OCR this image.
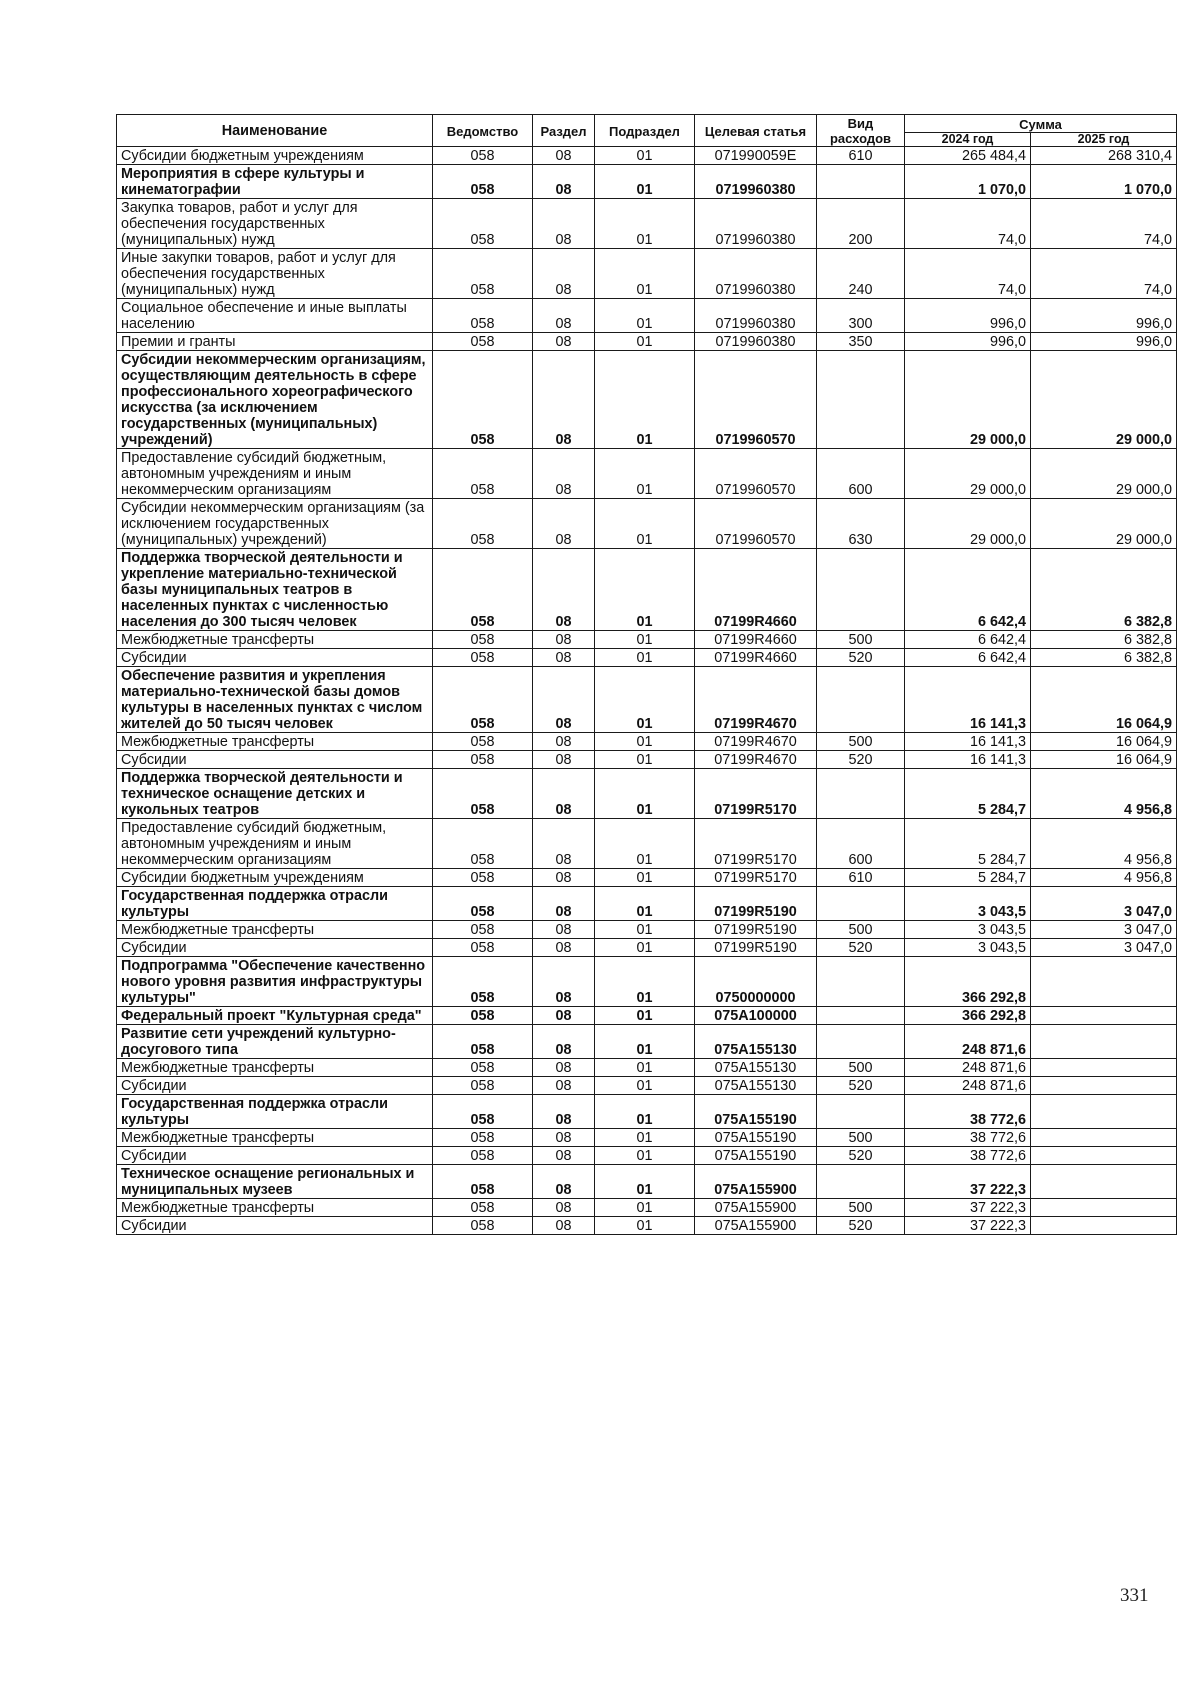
Наименование	Ведомство	Раздел	Подраздел	Целевая статья	Вид расходов	Сумма	
						2024 год	2025 год
Субсидии бюджетным учреждениям	058	08	01	071990059E	610	265 484,4	268 310,4
Мероприятия в сфере культуры и кинематографии	058	08	01	0719960380		1 070,0	1 070,0
Закупка товаров, работ и услуг для обеспечения государственных (муниципальных) нужд	058	08	01	0719960380	200	74,0	74,0
Иные закупки товаров, работ и услуг для обеспечения государственных (муниципальных) нужд	058	08	01	0719960380	240	74,0	74,0
Социальное обеспечение и иные выплаты населению	058	08	01	0719960380	300	996,0	996,0
Премии и гранты	058	08	01	0719960380	350	996,0	996,0
Субсидии некоммерческим организациям, осуществляющим деятельность в сфере профессионального хореографического искусства (за исключением государственных (муниципальных) учреждений)	058	08	01	0719960570		29 000,0	29 000,0
Предоставление субсидий бюджетным, автономным учреждениям и иным некоммерческим организациям	058	08	01	0719960570	600	29 000,0	29 000,0
Субсидии некоммерческим организациям (за исключением государственных (муниципальных) учреждений)	058	08	01	0719960570	630	29 000,0	29 000,0
Поддержка творческой деятельности и укрепление материально-технической базы муниципальных театров в населенных пунктах с численностью населения до 300 тысяч человек	058	08	01	07199R4660		6 642,4	6 382,8
Межбюджетные трансферты	058	08	01	07199R4660	500	6 642,4	6 382,8
Субсидии	058	08	01	07199R4660	520	6 642,4	6 382,8
Обеспечение развития и укрепления материально-технической базы домов культуры в населенных пунктах с числом жителей до 50 тысяч человек	058	08	01	07199R4670		16 141,3	16 064,9
Межбюджетные трансферты	058	08	01	07199R4670	500	16 141,3	16 064,9
Субсидии	058	08	01	07199R4670	520	16 141,3	16 064,9
Поддержка творческой деятельности и техническое оснащение детских и кукольных театров	058	08	01	07199R5170		5 284,7	4 956,8
Предоставление субсидий бюджетным, автономным учреждениям и иным некоммерческим организациям	058	08	01	07199R5170	600	5 284,7	4 956,8
Субсидии бюджетным учреждениям	058	08	01	07199R5170	610	5 284,7	4 956,8
Государственная поддержка отрасли культуры	058	08	01	07199R5190		3 043,5	3 047,0
Межбюджетные трансферты	058	08	01	07199R5190	500	3 043,5	3 047,0
Субсидии	058	08	01	07199R5190	520	3 043,5	3 047,0
Подпрограмма "Обеспечение качественно нового уровня развития инфраструктуры культуры"	058	08	01	0750000000		366 292,8	
Федеральный проект "Культурная среда"	058	08	01	075A100000		366 292,8	
Развитие сети учреждений культурно-досугового типа	058	08	01	075A155130		248 871,6	
Межбюджетные трансферты	058	08	01	075A155130	500	248 871,6	
Субсидии	058	08	01	075A155130	520	248 871,6	
Государственная поддержка отрасли культуры	058	08	01	075A155190		38 772,6	
Межбюджетные трансферты	058	08	01	075A155190	500	38 772,6	
Субсидии	058	08	01	075A155190	520	38 772,6	
Техническое оснащение региональных и муниципальных музеев	058	08	01	075A155900		37 222,3	
Межбюджетные трансферты	058	08	01	075A155900	500	37 222,3	
Субсидии	058	08	01	075A155900	520	37 222,3	
331
